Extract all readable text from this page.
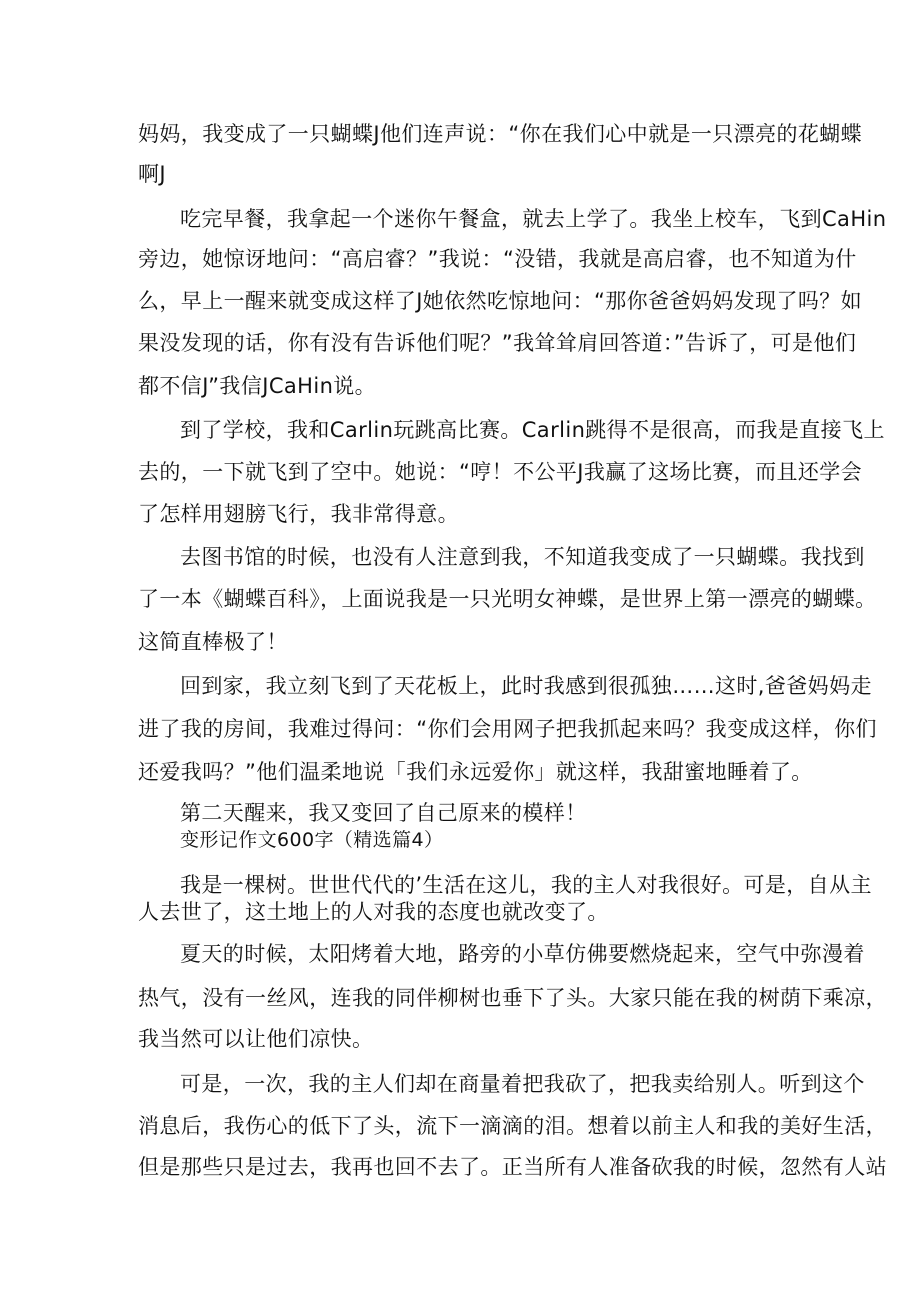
妈妈，我变成了一只蝴蝶J他们连声说：“你在我们心中就是一只漂亮的花蝴蝶

啊J

吃完早餐，我拿起一个迷你午餐盒，就去上学了。我坐上校车，飞到CaHin

旁边，她惊讶地问：“高启睿？”我说：“没错，我就是高启睿，也不知道为什

么，早上一醒来就变成这样了J她依然吃惊地问：“那你爸爸妈妈发现了吗？如

果没发现的话，你有没有告诉他们呢？”我耸耸肩回答道：”告诉了，可是他们

都不信J”我信JCaHin说。

到了学校，我和Carlin玩跳高比赛。Carlin跳得不是很高，而我是直接飞上

去的，一下就飞到了空中。她说：“哼！不公平J我赢了这场比赛，而且还学会

了怎样用翅膀飞行，我非常得意。

去图书馆的时候，也没有人注意到我，不知道我变成了一只蝴蝶。我找到

了一本《蝴蝶百科》，上面说我是一只光明女神蝶，是世界上第一漂亮的蝴蝶。

这简直棒极了！

回到家，我立刻飞到了天花板上，此时我感到很孤独……这时,爸爸妈妈走

进了我的房间，我难过得问：“你们会用网子把我抓起来吗？我变成这样，你们

还爱我吗？”他们温柔地说「我们永远爱你」就这样，我甜蜜地睡着了。

第二天醒来，我又变回了自己原来的模样！

变形记作文600字（精选篇4）

我是一棵树。世世代代的’生活在这儿，我的主人对我很好。可是，自从主

人去世了，这土地上的人对我的态度也就改变了。

夏天的时候，太阳烤着大地，路旁的小草仿佛要燃烧起来，空气中弥漫着

热气，没有一丝风，连我的同伴柳树也垂下了头。大家只能在我的树荫下乘凉，

我当然可以让他们凉快。

可是，一次，我的主人们却在商量着把我砍了，把我卖给别人。听到这个

消息后，我伤心的低下了头，流下一滴滴的泪。想着以前主人和我的美好生活，

但是那些只是过去，我再也回不去了。正当所有人准备砍我的时候，忽然有人站
